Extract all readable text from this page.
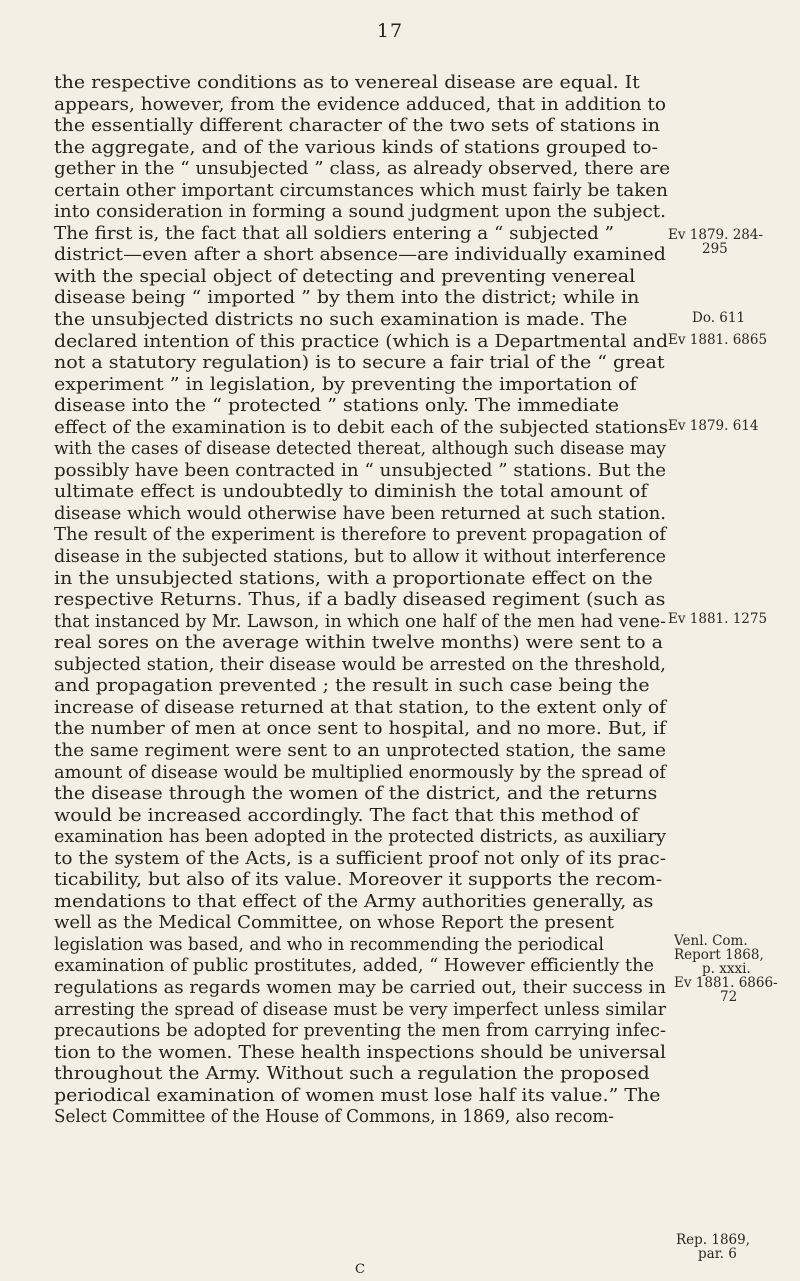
17
the respective conditions as to venereal disease are equal. It
appears, however, from the evidence adduced, that in addition to
the essentially different character of the two sets of stations in
the aggregate, and of the various kinds of stations grouped to-
gether in the “ unsubjected ” class, as already observed, there are
certain other important circumstances which must fairly be taken
into consideration in forming a sound judgment upon the subject.
The first is, the fact that all soldiers entering a “ subjected ”
district—even after a short absence—are individually examined
with the special object of detecting and preventing venereal
disease being “ imported ” by them into the district; while in
the unsubjected districts no such examination is made. The
declared intention of this practice (which is a Departmental and
not a statutory regulation) is to secure a fair trial of the “ great
experiment ” in legislation, by preventing the importation of
disease into the “ protected ” stations only. The immediate
effect of the examination is to debit each of the subjected stations
with the cases of disease detected thereat, although such disease may
possibly have been contracted in “ unsubjected ” stations. But the
ultimate effect is undoubtedly to diminish the total amount of
disease which would otherwise have been returned at such station.
The result of the experiment is therefore to prevent propagation of
disease in the subjected stations, but to allow it without interference
in the unsubjected stations, with a proportionate effect on the
respective Returns. Thus, if a badly diseased regiment (such as
that instanced by Mr. Lawson, in which one half of the men had vene-
real sores on the average within twelve months) were sent to a
subjected station, their disease would be arrested on the threshold,
and propagation prevented ; the result in such case being the
increase of disease returned at that station, to the extent only of
the number of men at once sent to hospital, and no more. But, if
the same regiment were sent to an unprotected station, the same
amount of disease would be multiplied enormously by the spread of
the disease through the women of the district, and the returns
would be increased accordingly. The fact that this method of
examination has been adopted in the protected districts, as auxiliary
to the system of the Acts, is a sufficient proof not only of its prac-
ticability, but also of its value. Moreover it supports the recom-
mendations to that effect of the Army authorities generally, as
well as the Medical Committee, on whose Report the present
legislation was based, and who in recommending the periodical
examination of public prostitutes, added, “ However efficiently the
regulations as regards women may be carried out, their success in
arresting the spread of disease must be very imperfect unless similar
precautions be adopted for preventing the men from carrying infec-
tion to the women. These health inspections should be universal
throughout the Army. Without such a regulation the proposed
periodical examination of women must lose half its value.” The
Select Committee of the House of Commons, in 1869, also recom-
Ev 1879. 284-
295
Do. 611
Ev 1881. 6865
Ev 1879. 614
Ev 1881. 1275
Venl. Com.
Report 1868,
p. xxxi.
Ev 1881. 6866-
72
Rep. 1869,
par. 6
C
